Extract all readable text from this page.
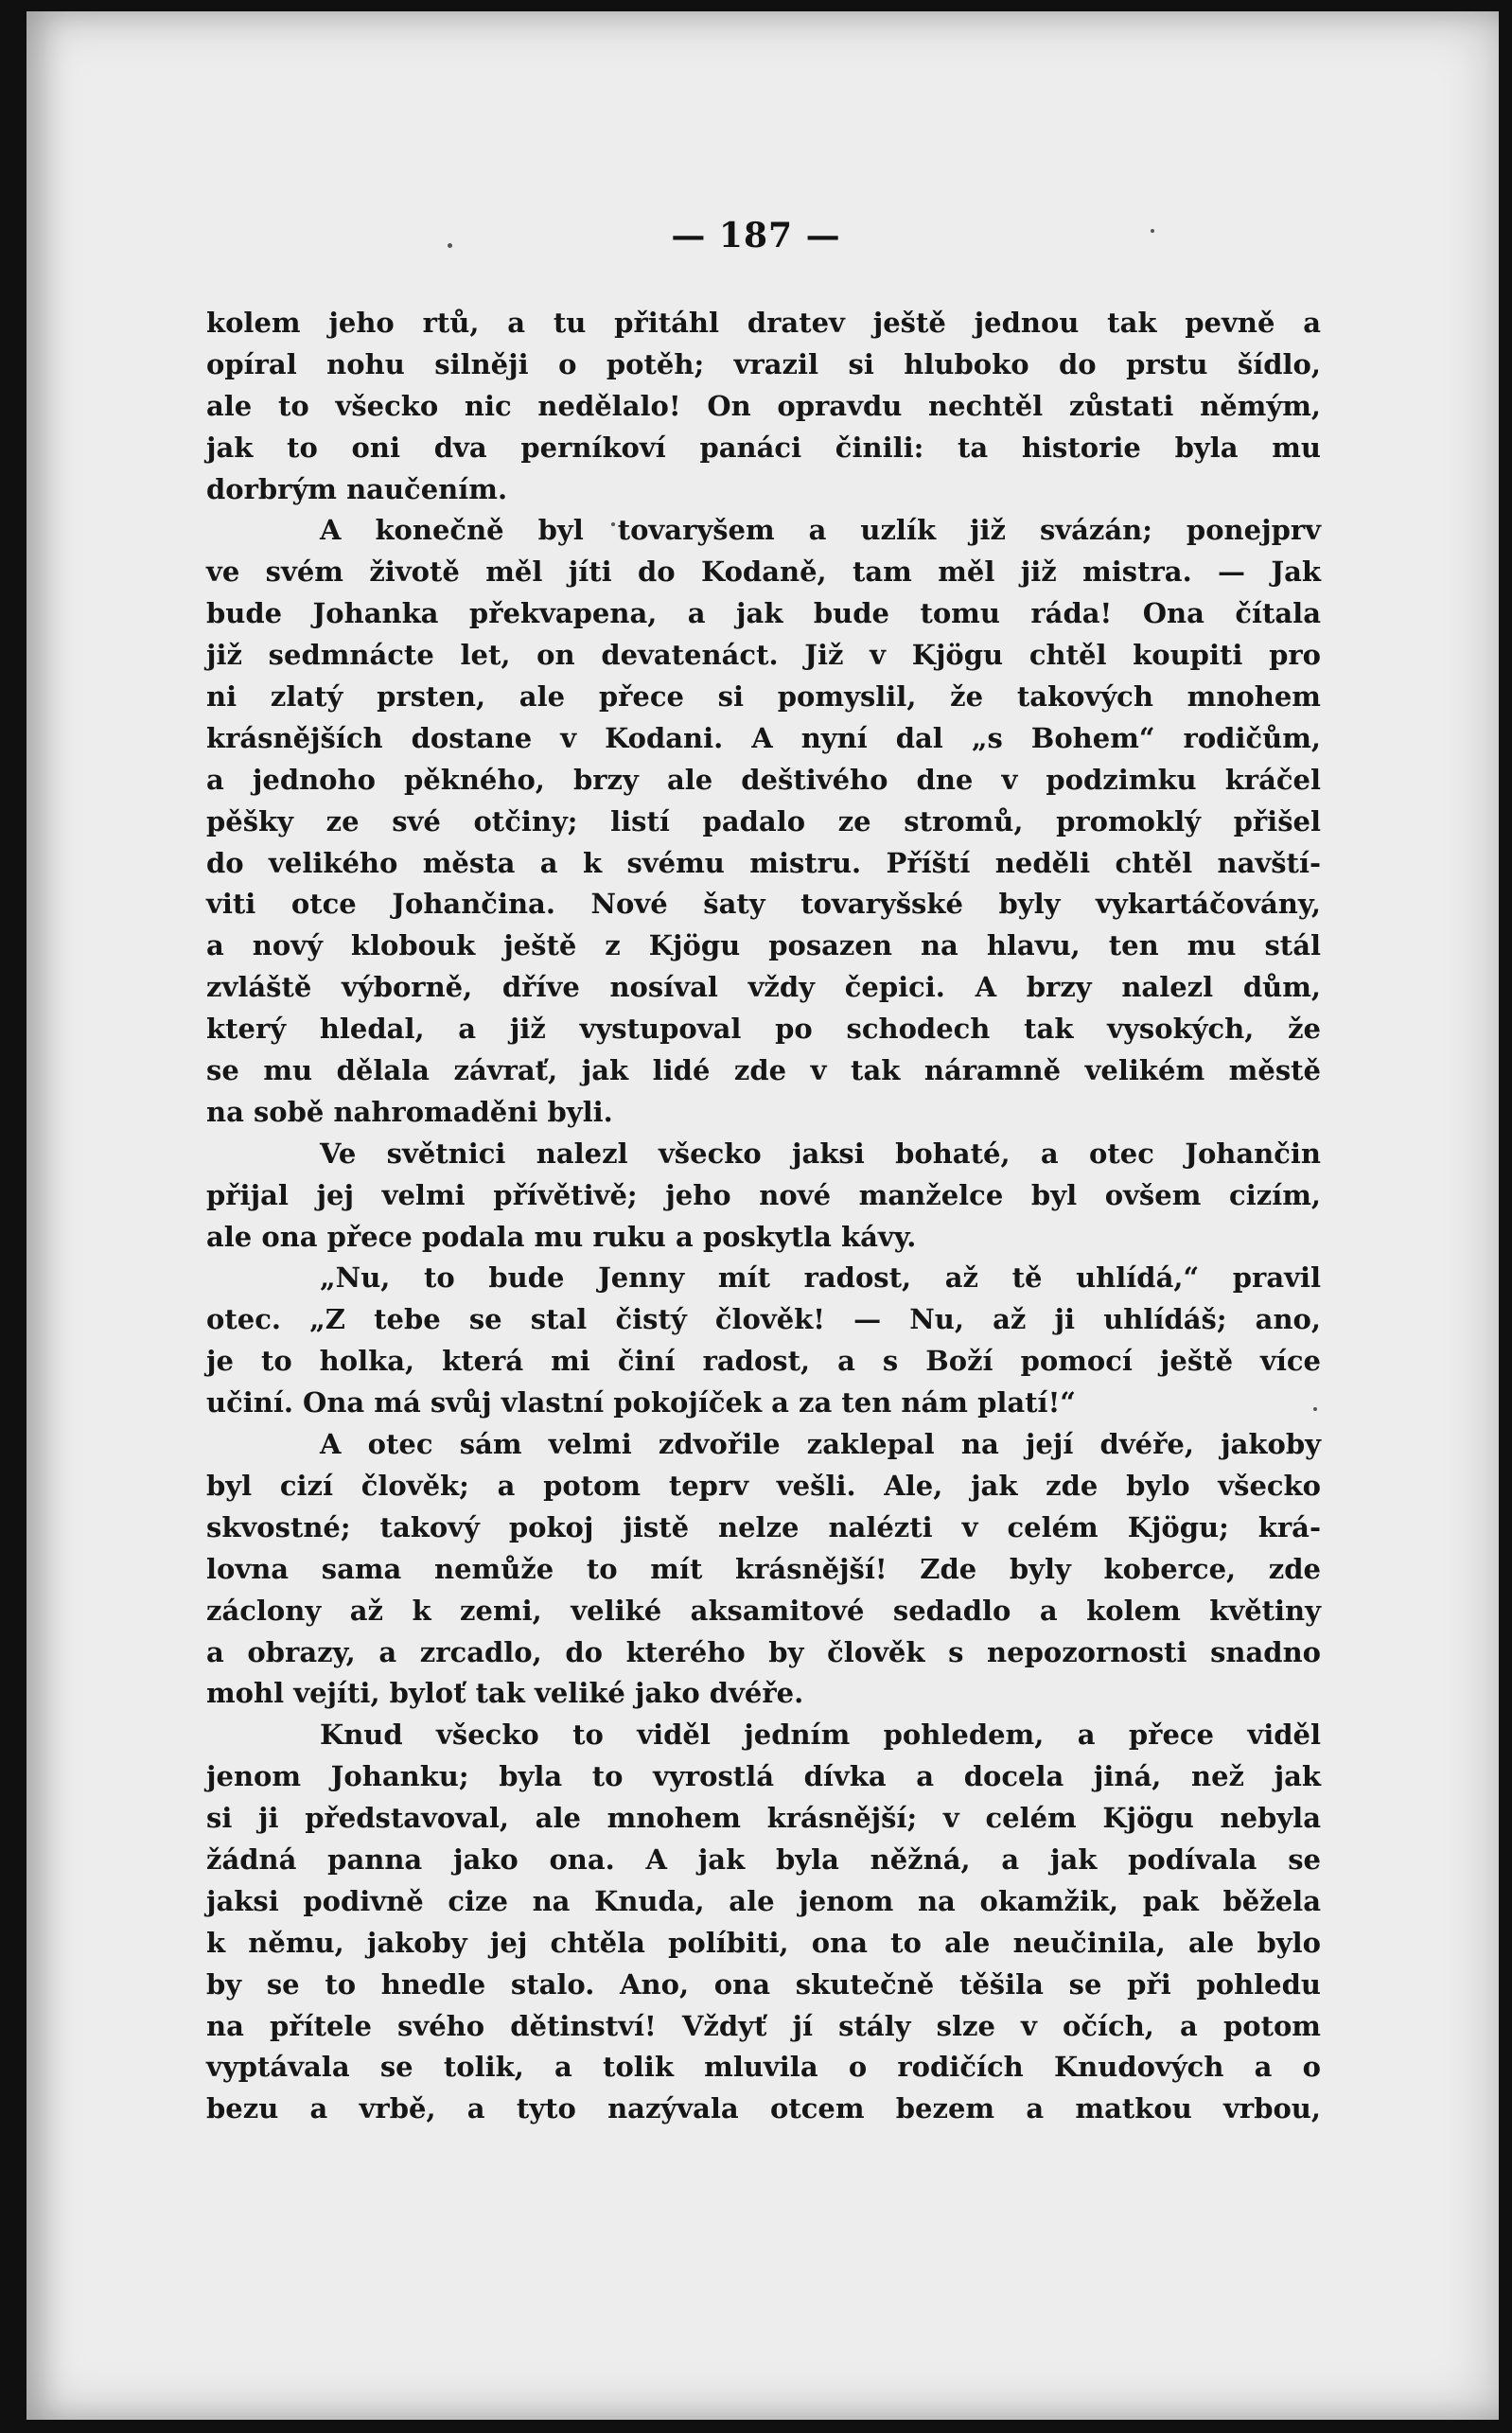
— 187 —
kolem jeho rtů, a tu přitáhl dratev ještě jednou tak pevně a
opíral nohu silněji o potěh; vrazil si hluboko do prstu šídlo,
ale to všecko nic nedělalo! On opravdu nechtěl zůstati němým,
jak to oni dva perníkoví panáci činili: ta historie byla mu
dorbrým naučením.
A konečně byl tovaryšem a uzlík již svázán; ponejprv
ve svém životě měl jíti do Kodaně, tam měl již mistra. — Jak
bude Johanka překvapena, a jak bude tomu ráda! Ona čítala
již sedmnácte let, on devatenáct. Již v Kjögu chtěl koupiti pro
ni zlatý prsten, ale přece si pomyslil, že takových mnohem
krásnějších dostane v Kodani. A nyní dal „s Bohem“ rodičům,
a jednoho pěkného, brzy ale deštivého dne v podzimku kráčel
pěšky ze své otčiny; listí padalo ze stromů, promoklý přišel
do velikého města a k svému mistru. Příští neděli chtěl navští-
viti otce Johančina. Nové šaty tovaryšské byly vykartáčovány,
a nový klobouk ještě z Kjögu posazen na hlavu, ten mu stál
zvláště výborně, dříve nosíval vždy čepici. A brzy nalezl dům,
který hledal, a již vystupoval po schodech tak vysokých, že
se mu dělala závrať, jak lidé zde v tak náramně velikém městě
na sobě nahromaděni byli.
Ve světnici nalezl všecko jaksi bohaté, a otec Johančin
přijal jej velmi přívětivě; jeho nové manželce byl ovšem cizím,
ale ona přece podala mu ruku a poskytla kávy.
„Nu, to bude Jenny mít radost, až tě uhlídá,“ pravil
otec. „Z tebe se stal čistý člověk! — Nu, až ji uhlídáš; ano,
je to holka, která mi činí radost, a s Boží pomocí ještě více
učiní. Ona má svůj vlastní pokojíček a za ten nám platí!“
A otec sám velmi zdvořile zaklepal na její dvéře, jakoby
byl cizí člověk; a potom teprv vešli. Ale, jak zde bylo všecko
skvostné; takový pokoj jistě nelze nalézti v celém Kjögu; krá-
lovna sama nemůže to mít krásnější! Zde byly koberce, zde
záclony až k zemi, veliké aksamitové sedadlo a kolem květiny
a obrazy, a zrcadlo, do kterého by člověk s nepozornosti snadno
mohl vejíti, byloť tak veliké jako dvéře.
Knud všecko to viděl jedním pohledem, a přece viděl
jenom Johanku; byla to vyrostlá dívka a docela jiná, než jak
si ji představoval, ale mnohem krásnější; v celém Kjögu nebyla
žádná panna jako ona. A jak byla něžná, a jak podívala se
jaksi podivně cize na Knuda, ale jenom na okamžik, pak běžela
k němu, jakoby jej chtěla políbiti, ona to ale neučinila, ale bylo
by se to hnedle stalo. Ano, ona skutečně těšila se při pohledu
na přítele svého dětinství! Vždyť jí stály slze v očích, a potom
vyptávala se tolik, a tolik mluvila o rodičích Knudových a o
bezu a vrbě, a tyto nazývala otcem bezem a matkou vrbou,
